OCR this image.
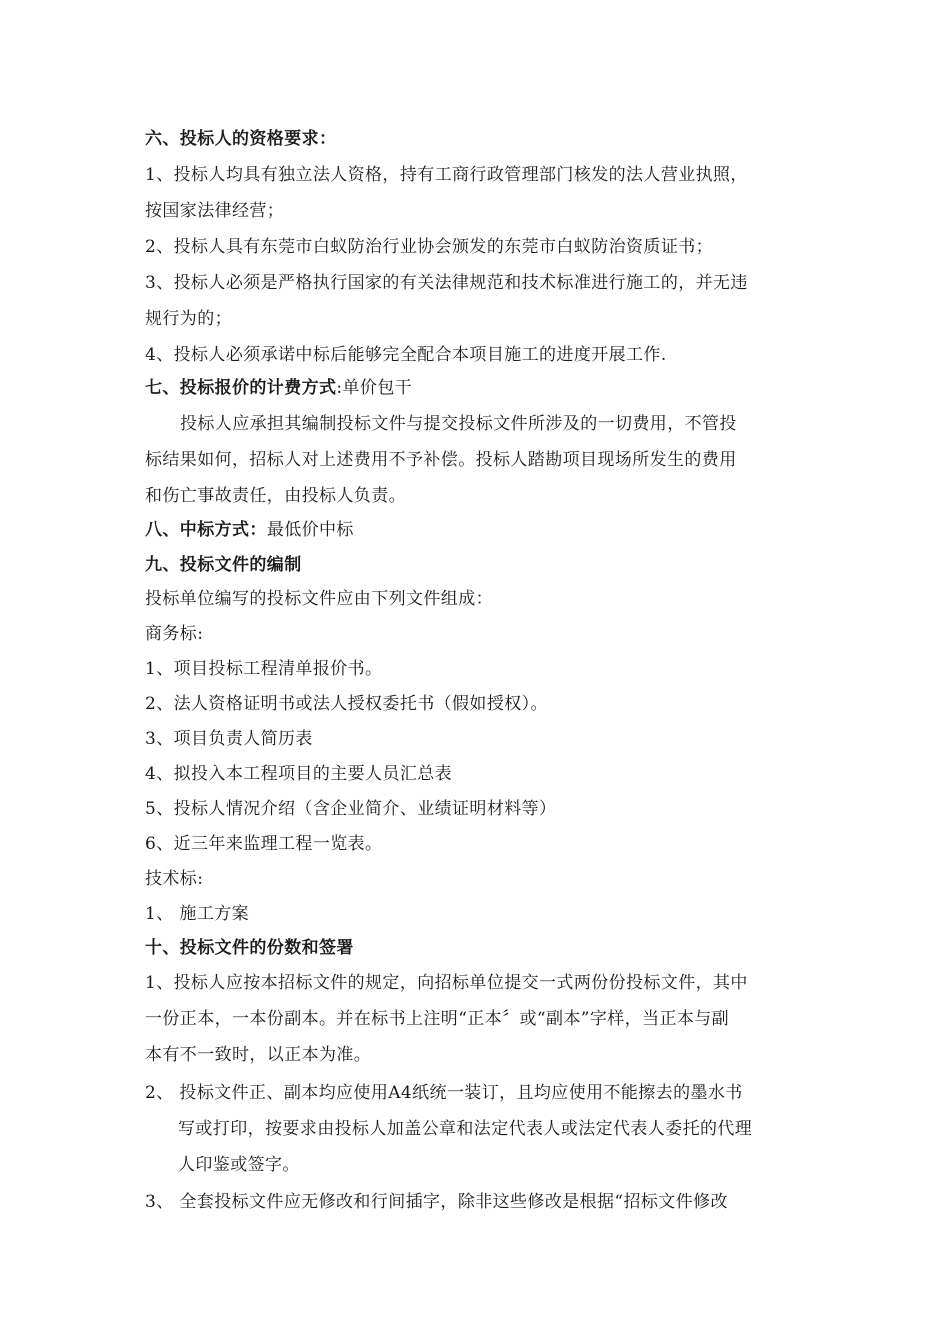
六、投标人的资格要求：
1、投标人均具有独立法人资格，持有工商行政管理部门核发的法人营业执照，
按国家法律经营；
2、投标人具有东莞市白蚁防治行业协会颁发的东莞市白蚁防治资质证书；
3、投标人必须是严格执行国家的有关法律规范和技术标准进行施工的，并无违
规行为的；
4、投标人必须承诺中标后能够完全配合本项目施工的进度开展工作.
七、投标报价的计费方式:单价包干
投标人应承担其编制投标文件与提交投标文件所涉及的一切费用，不管投
标结果如何，招标人对上述费用不予补偿。投标人踏勘项目现场所发生的费用
和伤亡事故责任，由投标人负责。
八、中标方式：最低价中标
九、投标文件的编制
投标单位编写的投标文件应由下列文件组成：
商务标:
1、项目投标工程清单报价书。
2、法人资格证明书或法人授权委托书（假如授权）。
3、项目负责人简历表
4、拟投入本工程项目的主要人员汇总表
5、投标人情况介绍（含企业简介、业绩证明材料等）
6、近三年来监理工程一览表。
技术标:
1、 施工方案
十、投标文件的份数和签署
1、投标人应按本招标文件的规定，向招标单位提交一式两份份投标文件，其中
一份正本，一本份副本。并在标书上注明“正本〞或“副本”字样，当正本与副
本有不一致时，以正本为准。
2、 投标文件正、副本均应使用A4纸统一装订，且均应使用不能擦去的墨水书
写或打印，按要求由投标人加盖公章和法定代表人或法定代表人委托的代理
人印鉴或签字。
3、 全套投标文件应无修改和行间插字，除非这些修改是根据“招标文件修改
